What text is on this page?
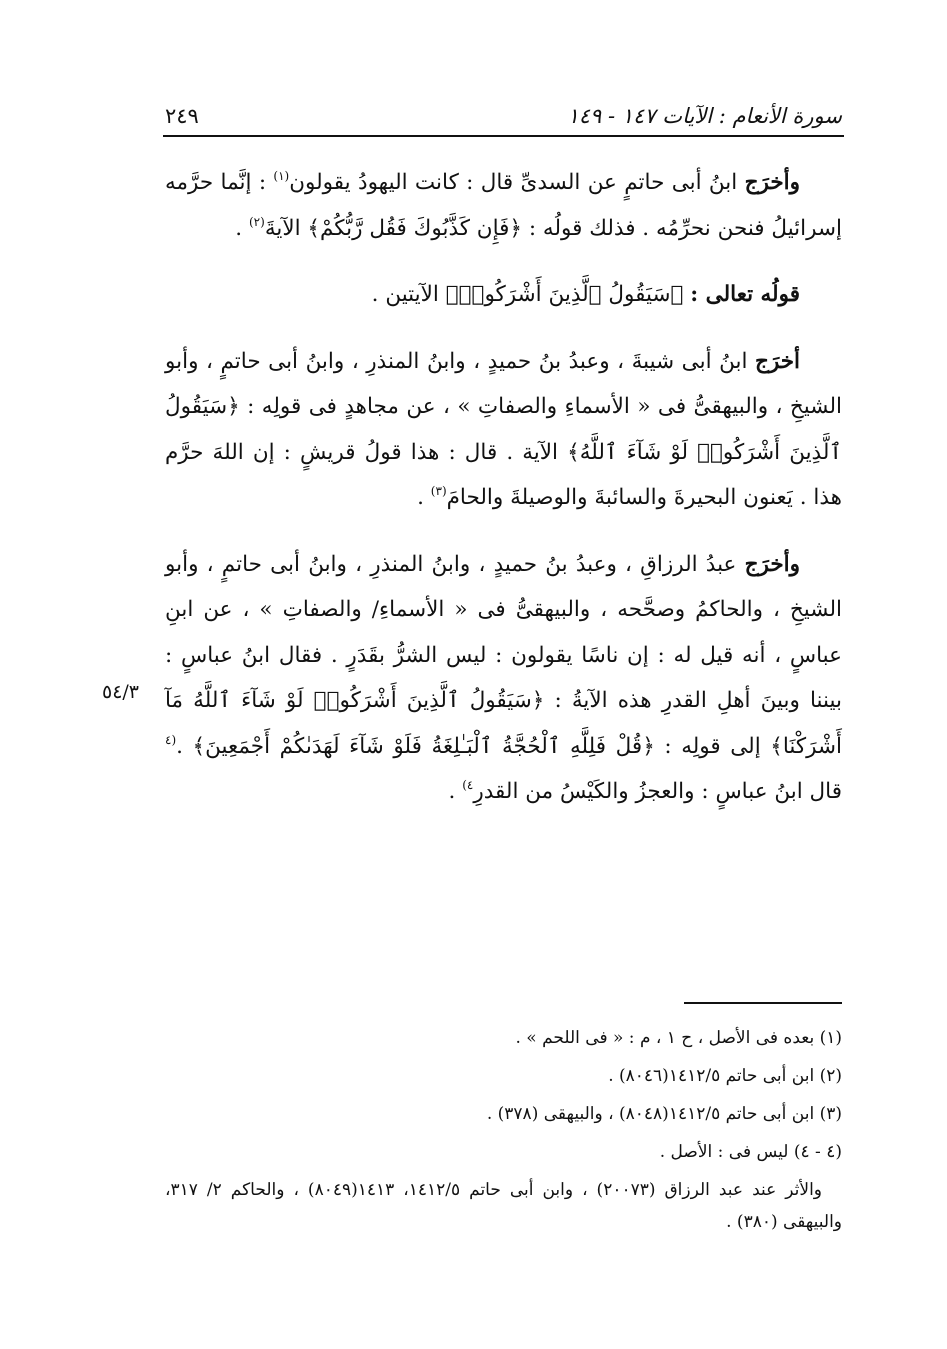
سورة الأنعام : الآيات ١٤٧ - ١٤٩
٢٤٩

وأخرَج ابنُ أبى حاتمٍ عن السدىِّ قال : كانت اليهودُ يقولون$^{(١)}$ : إنَّما حرَّمه إسرائيلُ فنحن نحرِّمُه . فذلك قولُه : ﴿فَإِن كَذَّبُوكَ فَقُل رَّبُّكُمْ﴾ الآيةَ$^{(٢)}$ .

قولُه تعالى : ﴿سَيَقُولُ ٱلَّذِينَ أَشْرَكُوا۟﴾ الآيتين .

أخرَج ابنُ أبى شيبةَ ، وعبدُ بنُ حميدٍ ، وابنُ المنذرِ ، وابنُ أبى حاتمٍ ، وأبو الشيخِ ، والبيهقىُّ فى « الأسماءِ والصفاتِ » ، عن مجاهدٍ فى قولِه : ﴿سَيَقُولُ ٱلَّذِينَ أَشْرَكُوا۟ لَوْ شَآءَ ٱللَّهُ﴾ الآية . قال : هذا قولُ قريشٍ : إن اللهَ حرَّم هذا . يَعنون البحيرةَ والسائبةَ والوصيلةَ والحامَ$^{(٣)}$ .

وأخرَج عبدُ الرزاقِ ، وعبدُ بنُ حميدٍ ، وابنُ المنذرِ ، وابنُ أبى حاتمٍ ، وأبو الشيخِ ، والحاكمُ وصحَّحه ، والبيهقىُّ فى « الأسماءِ/ والصفاتِ » ، عن ابنِ عباسٍ ، أنه قيل له : إن ناسًا يقولون : ليس الشرُّ بقَدَرٍ . فقال ابنُ عباسٍ : بيننا وبينَ أهلِ القدرِ هذه الآيةُ : ﴿سَيَقُولُ ٱلَّذِينَ أَشْرَكُوا۟ لَوْ شَآءَ ٱللَّهُ مَآ أَشْرَكْنَا﴾ إلى قولِه : ﴿قُلْ فَلِلَّهِ ٱلْحُجَّةُ ٱلْبَـٰلِغَةُ فَلَوْ شَآءَ لَهَدَىٰكُمْ أَجْمَعِينَ﴾ .$^{(٤}$ قال ابنُ عباسٍ : والعجزُ والكَيْسُ من القدرِ$^{٤)}$ .

٥٤/٣

(١) بعده فى الأصل ، ح ١ ، م : « فى اللحم » .

(٢) ابن أبى حاتم ١٤١٢/٥(٨٠٤٦) .

(٣) ابن أبى حاتم ١٤١٢/٥(٨٠٤٨) ، والبيهقى (٣٧٨) .

(٤ - ٤) ليس فى : الأصل .

والأثر عند عبد الرزاق (٢٠٠٧٣) ، وابن أبى حاتم ١٤١٢/٥، ١٤١٣(٨٠٤٩) ، والحاكم ٢/ ٣١٧، والبيهقى (٣٨٠) .
